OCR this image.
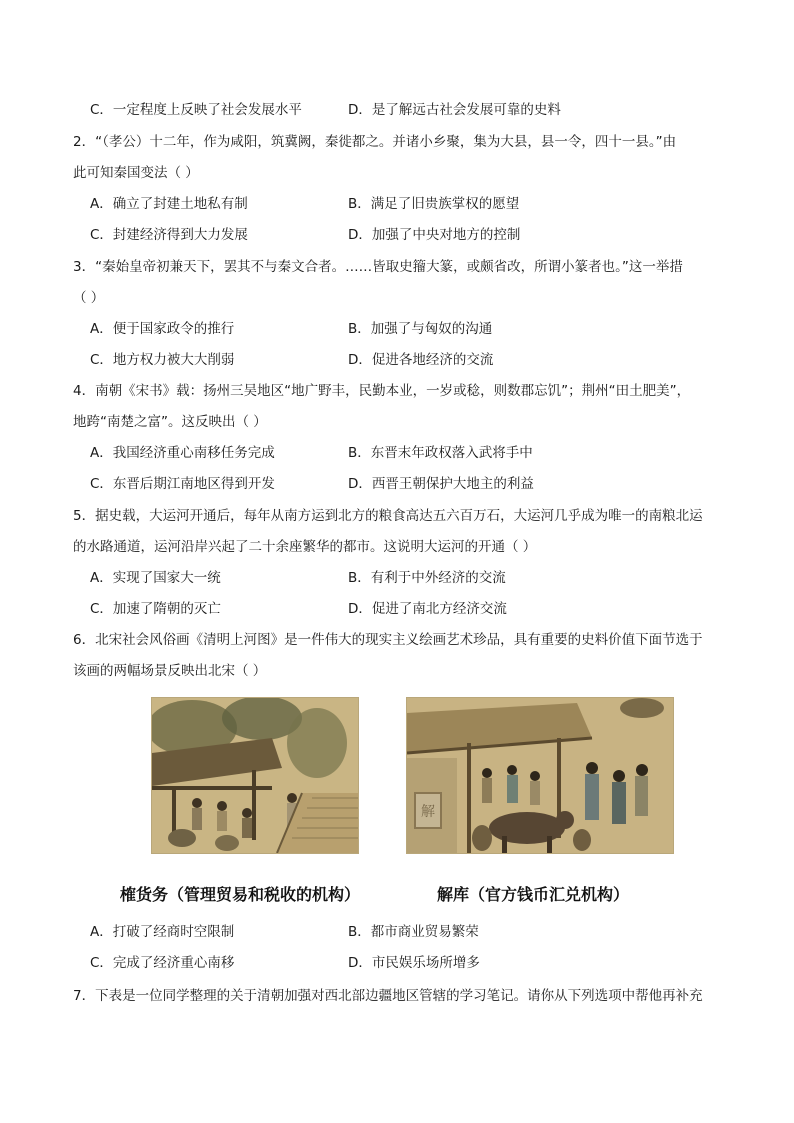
C．一定程度上反映了社会发展水平	D．是了解远古社会发展可靠的史料
2．“（孝公）十二年，作为咸阳，筑冀阙，秦徙都之。并诸小乡聚，集为大县，县一令，四十一县。”由
此可知秦国变法（ ）
A．确立了封建土地私有制	B．满足了旧贵族掌权的愿望
C．封建经济得到大力发展	D．加强了中央对地方的控制
3．“秦始皇帝初兼天下，罢其不与秦文合者。……皆取史籀大篆，或颇省改，所谓小篆者也。”这一举措
（ ）
A．便于国家政令的推行	B．加强了与匈奴的沟通
C．地方权力被大大削弱	D．促进各地经济的交流
4．南朝《宋书》载：扬州三吴地区“地广野丰，民勤本业，一岁或稔，则数郡忘饥”；荆州“田土肥美”，
地跨“南楚之富”。这反映出（ ）
A．我国经济重心南移任务完成	B．东晋末年政权落入武将手中
C．东晋后期江南地区得到开发	D．西晋王朝保护大地主的利益
5．据史载，大运河开通后，每年从南方运到北方的粮食高达五六百万石，大运河几乎成为唯一的南粮北运
的水路通道，运河沿岸兴起了二十余座繁华的都市。这说明大运河的开通（ ）
A．实现了国家大一统	B．有利于中外经济的交流
C．加速了隋朝的灭亡	D．促进了南北方经济交流
6．北宋社会风俗画《清明上河图》是一件伟大的现实主义绘画艺术珍品，具有重要的史料价值下面节选于
该画的两幅场景反映出北宋（ ）
榷货务（管理贸易和税收的机构）	解库（官方钱币汇兑机构）
A．打破了经商时空限制	B．都市商业贸易繁荣
C．完成了经济重心南移	D．市民娱乐场所增多
7．下表是一位同学整理的关于清朝加强对西北部边疆地区管辖的学习笔记。请你从下列选项中帮他再补充
